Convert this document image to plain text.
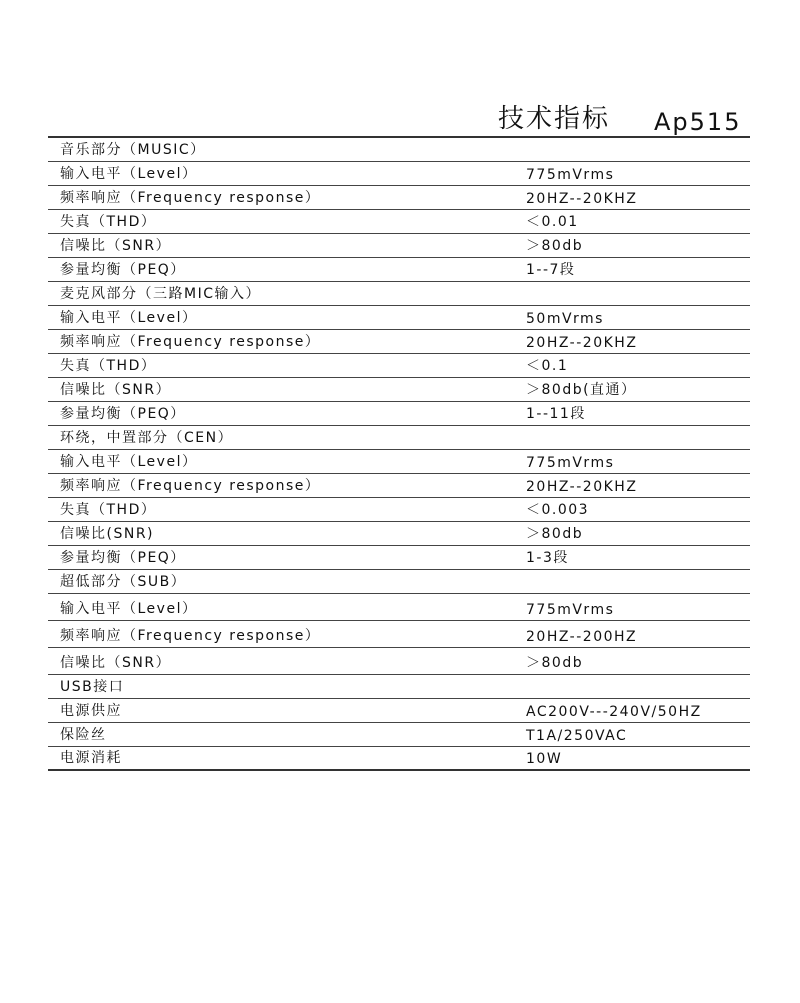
技术指标 Ap515
音乐部分（MUSIC）
输入电平（Level）	775mVrms
频率响应（Frequency response）	20HZ--20KHZ
失真（THD）	＜0.01
信噪比（SNR）	＞80db
参量均衡（PEQ）	1--7段
麦克风部分（三路MIC输入）
输入电平（Level）	50mVrms
频率响应（Frequency response）	20HZ--20KHZ
失真（THD）	＜0.1
信噪比（SNR）	＞80db(直通）
参量均衡（PEQ）	1--11段
环绕，中置部分（CEN）
输入电平（Level）	775mVrms
频率响应（Frequency response）	20HZ--20KHZ
失真（THD）	＜0.003
信噪比(SNR)	＞80db
参量均衡（PEQ）	1-3段
超低部分（SUB）
输入电平（Level）	775mVrms
频率响应（Frequency response）	20HZ--200HZ
信噪比（SNR）	＞80db
USB接口
电源供应	AC200V---240V/50HZ
保险丝	T1A/250VAC
电源消耗	10W
